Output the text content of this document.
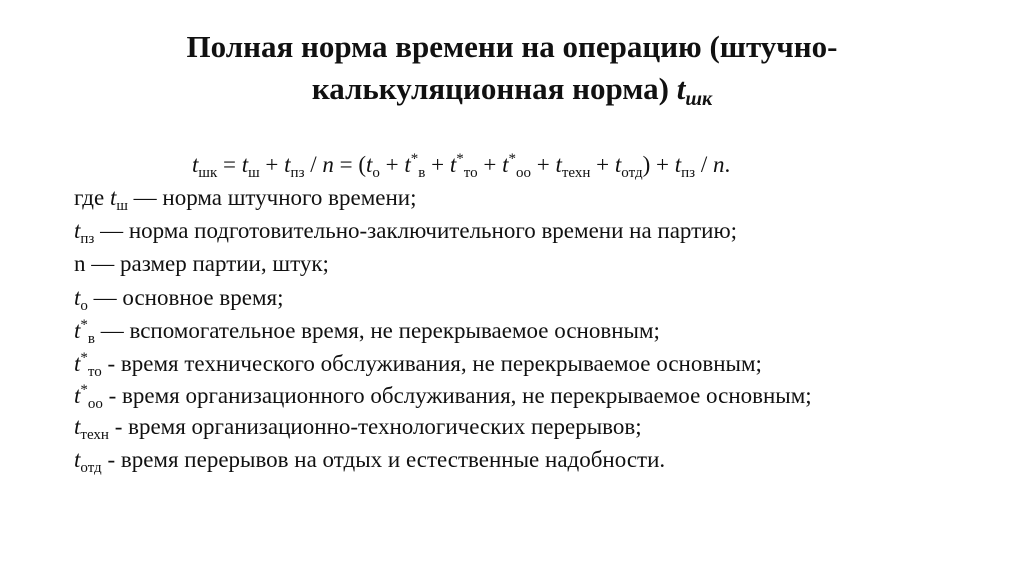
Полная норма времени на операцию (штучно-
калькуляционная норма) tшк
$t_{шк} = t_ш + t_{пз} / n = (t_о + t^*_в + t^*_{то} + t^*_{оо} + t_{техн} + t_{отд}) + t_{пз} / n$.
где $t_ш$ — норма штучного времени;
$t_{пз}$ — норма подготовительно-заключительного времени на партию;
n — размер партии, штук;
$t_о$ — основное время;
$t^*_в$ — вспомогательное время, не перекрываемое основным;
$t^*_{то}$ - время технического обслуживания, не перекрываемое основным;
$t^*_{оо}$ - время организационного обслуживания, не перекрываемое основным;
$t_{техн}$ - время организационно-технологических перерывов;
$t_{отд}$ - время перерывов на отдых и естественные надобности.
